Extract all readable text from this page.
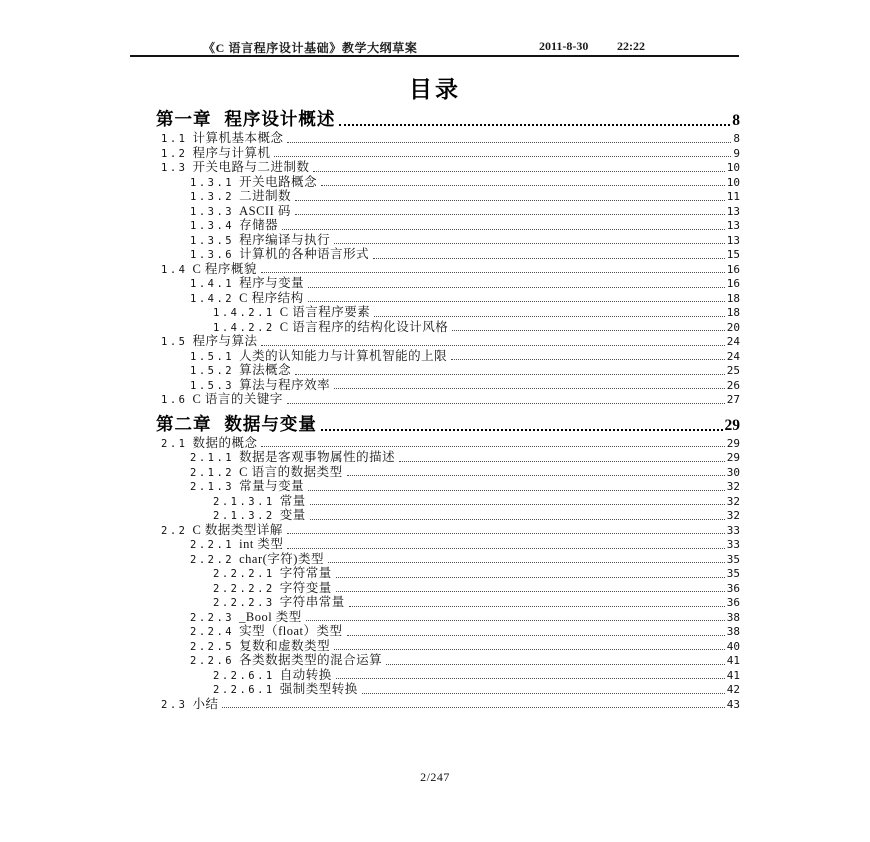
《C 语言程序设计基础》教学大纲草案	2011-8-30 22:22
目录
第一章 程序设计概述	8
1.1 计算机基本概念	8
1.2 程序与计算机	9
1.3 开关电路与二进制数	10
1.3.1 开关电路概念	10
1.3.2 二进制数	11
1.3.3 ASCII 码	13
1.3.4 存储器	13
1.3.5 程序编译与执行	13
1.3.6 计算机的各种语言形式	15
1.4 C 程序概貌	16
1.4.1 程序与变量	16
1.4.2 C 程序结构	18
1.4.2.1 C 语言程序要素	18
1.4.2.2 C 语言程序的结构化设计风格	20
1.5 程序与算法	24
1.5.1 人类的认知能力与计算机智能的上限	24
1.5.2 算法概念	25
1.5.3 算法与程序效率	26
1.6 C 语言的关键字	27
第二章 数据与变量	29
2.1 数据的概念	29
2.1.1 数据是客观事物属性的描述	29
2.1.2 C 语言的数据类型	30
2.1.3 常量与变量	32
2.1.3.1 常量	32
2.1.3.2 变量	32
2.2 C 数据类型详解	33
2.2.1 int 类型	33
2.2.2 char(字符)类型	35
2.2.2.1 字符常量	35
2.2.2.2 字符变量	36
2.2.2.3 字符串常量	36
2.2.3 _Bool 类型	38
2.2.4 实型（float）类型	38
2.2.5 复数和虚数类型	40
2.2.6 各类数据类型的混合运算	41
2.2.6.1 自动转换	41
2.2.6.1 强制类型转换	42
2.3 小结	43
2/247
